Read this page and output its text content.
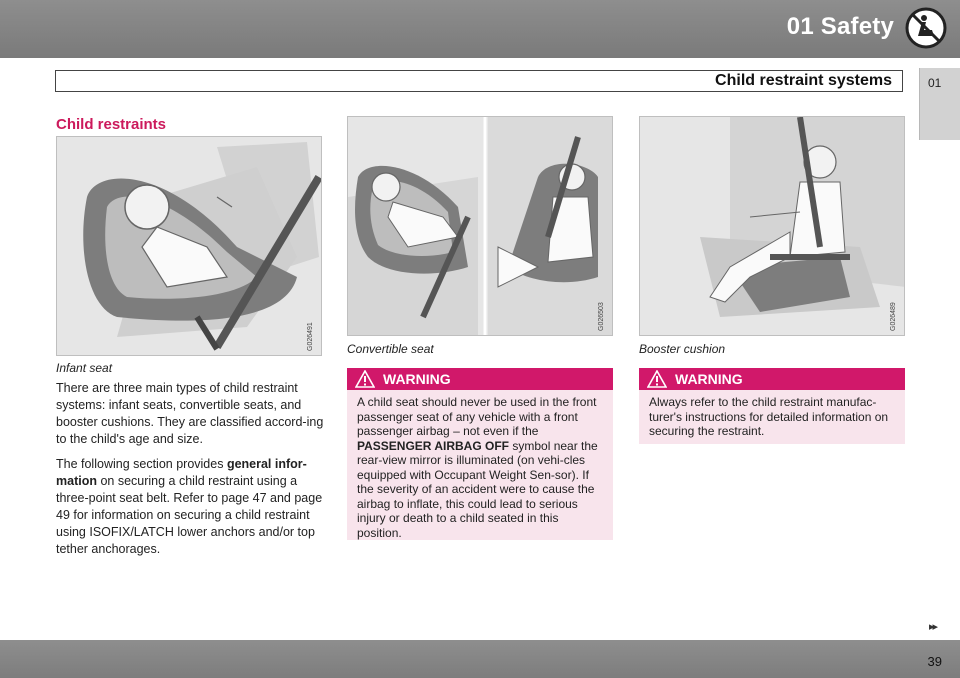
01 Safety
01
Child restraint systems
Child restraints
G026491
Infant seat

There are three main types of child restraint systems: infant seats, convertible seats, and booster cushions. They are classified accord-ing to the child's age and size.

The following section provides general infor-mation on securing a child restraint using a three-point seat belt. Refer to page 47 and page 49 for information on securing a child restraint using ISOFIX/LATCH lower anchors and/or top tether anchorages.

G026503
Convertible seat
WARNING
A child seat should never be used in the front passenger seat of any vehicle with a front passenger airbag – not even if the PASSENGER AIRBAG OFF symbol near the rear-view mirror is illuminated (on vehi-cles equipped with Occupant Weight Sen-sor). If the severity of an accident were to cause the airbag to inflate, this could lead to serious injury or death to a child seated in this position.
G026489
Booster cushion
WARNING
Always refer to the child restraint manufac-turer's instructions for detailed information on securing the restraint.
▸▸
39
